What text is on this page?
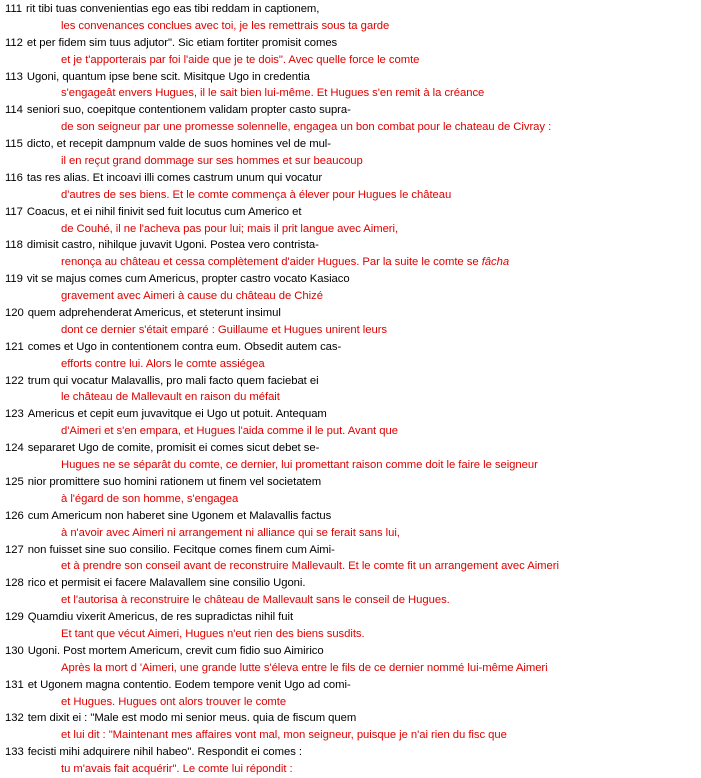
111 rit tibi tuas convenientias ego eas tibi reddam in captionem,
les convenances conclues avec toi, je les remettrais sous ta garde
112 et per fidem sim tuus adjutor". Sic etiam fortiter promisit comes
et je t'apporterais par foi l'aide que je te dois". Avec quelle force le comte
113 Ugoni, quantum ipse bene scit. Misitque Ugo in credentia
s'engageât envers Hugues, il le sait bien lui-même. Et Hugues s'en remit à la créance
114 seniori suo, coepitque contentionem validam propter casto supra-
de son seigneur par une promesse solennelle, engagea un bon combat pour le chateau de Civray :
115 dicto, et recepit dampnum valde de suos homines vel de mul-
il en reçut grand dommage sur ses hommes et sur beaucoup
116 tas res alias. Et incoavi illi comes castrum unum qui vocatur
d'autres de ses biens. Et le comte commença à élever pour Hugues le château
117 Coacus, et ei nihil finivit sed fuit locutus cum Americo et
de Couhé, il ne l'acheva pas pour lui; mais il prit langue avec Aimeri,
118 dimisit castro, nihilque juvavit Ugoni. Postea vero contrista-
renonça au château et cessa complètement d'aider Hugues. Par la suite le comte se fâcha
119 vit se majus comes cum Americus, propter castro vocato Kasiaco
gravement avec Aimeri à cause du château de Chizé
120 quem adprehenderat Americus, et steterunt insimul
dont ce dernier s'était emparé : Guillaume et Hugues unirent leurs
121 comes et Ugo in contentionem contra eum. Obsedit autem cas-
efforts contre lui. Alors le comte assiégea
122 trum qui vocatur Malavallis, pro mali facto quem faciebat ei
le château de Mallevault en raison du méfait
123 Americus et cepit eum juvavitque ei Ugo ut potuit. Antequam
d'Aimeri et s'en empara, et Hugues l'aida comme il le put. Avant que
124 separaret Ugo de comite, promisit ei comes sicut debet se-
Hugues ne se séparât du comte, ce dernier, lui promettant raison comme doit le faire le seigneur
125 nior promittere suo homini rationem ut finem vel societatem
à l'égard de son homme, s'engagea
126 cum Americum non haberet sine Ugonem et Malavallis factus
à n'avoir avec Aimeri ni arrangement ni alliance qui se ferait sans lui,
127 non fuisset sine suo consilio. Fecitque comes finem cum Aimi-
et à prendre son conseil avant de reconstruire Mallevault. Et le comte fit un arrangement avec Aimeri
128 rico et permisit ei facere Malavallem sine consilio Ugoni.
et l'autorisa à reconstruire le château de Mallevault sans le conseil de Hugues.
129 Quamdiu vixerit Americus, de res supradictas nihil fuit
Et tant que vécut Aimeri, Hugues n'eut rien des biens susdits.
130 Ugoni. Post mortem Americum, crevit cum fidio suo Aimirico
Après la mort d 'Aimeri, une grande lutte s'éleva entre le fils de ce dernier nommé lui-même Aimeri
131 et Ugonem magna contentio. Eodem tempore venit Ugo ad comi-
et Hugues. Hugues ont alors trouver le comte
132 tem dixit ei : "Male est modo mi senior meus. quia de fiscum quem
et lui dit : "Maintenant mes affaires vont mal, mon seigneur, puisque je n'ai rien du fisc que
133 fecisti mihi adquirere nihil habeo". Respondit ei comes :
tu m'avais fait acquérir". Le comte lui répondit :
